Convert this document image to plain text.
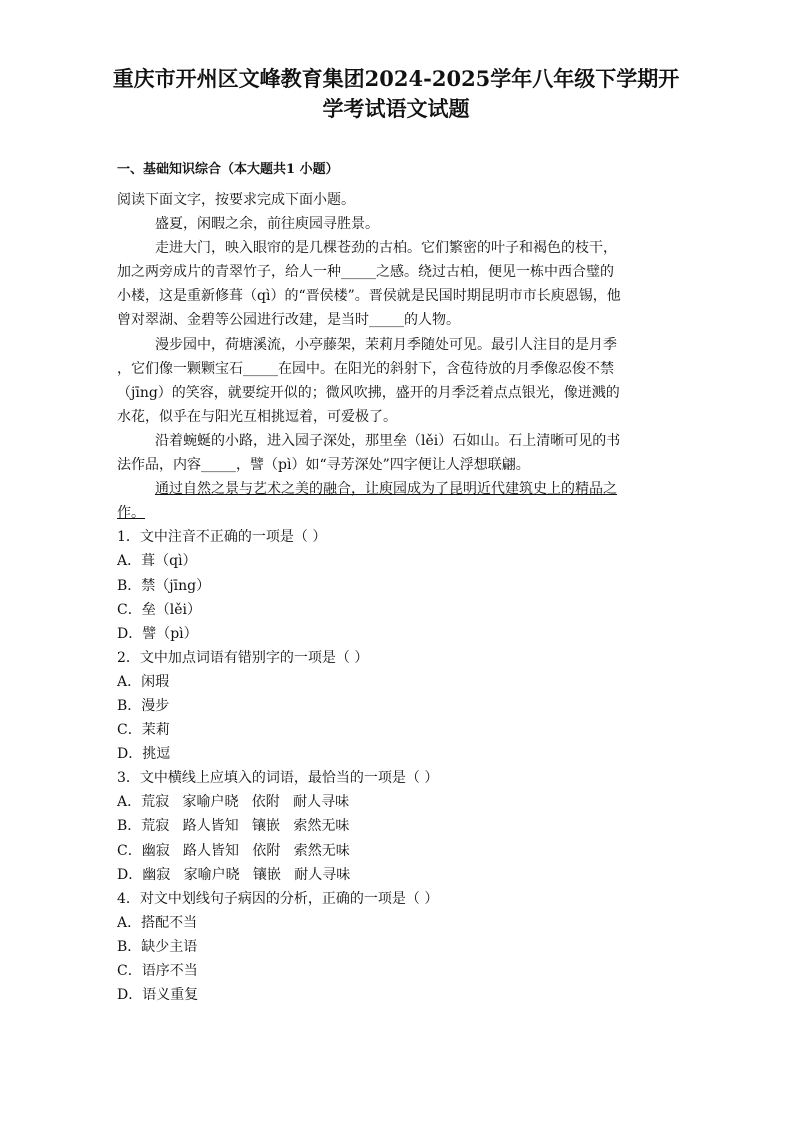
重庆市开州区文峰教育集团2024-2025学年八年级下学期开
学考试语文试题
一、基础知识综合（本大题共1 小题）
阅读下面文字，按要求完成下面小题。
盛夏，闲暇之余，前往庾园寻胜景。
走进大门，映入眼帘的是几棵苍劲的古柏。它们繁密的叶子和褐色的枝干，
加之两旁成片的青翠竹子，给人一种_____之感。绕过古柏，便见一栋中西合璧的
小楼，这是重新修葺（qì）的“晋侯楼”。晋侯就是民国时期昆明市市长庾恩锡，他
曾对翠湖、金碧等公园进行改建，是当时_____的人物。
漫步园中，荷塘溪流，小亭藤架，茉莉月季随处可见。最引人注目的是月季
，它们像一颗颗宝石_____在园中。在阳光的斜射下，含苞待放的月季像忍俊不禁
（jīng）的笑容，就要绽开似的；微风吹拂，盛开的月季泛着点点银光，像迸溅的
水花，似乎在与阳光互相挑逗着，可爱极了。
沿着蜿蜒的小路，进入园子深处，那里垒（lěi）石如山。石上清晰可见的书
法作品，内容_____，譬（pì）如“寻芳深处”四字便让人浮想联翩。
通过自然之景与艺术之美的融合，让庾园成为了昆明近代建筑史上的精品之
作。
1．文中注音不正确的一项是（ ）
A．葺（qì）
B．禁（jīng）
C．垒（lěi）
D．譬（pì）
2．文中加点词语有错别字的一项是（ ）
A．闲瑕
B．漫步
C．茉莉
D．挑逗
3．文中横线上应填入的词语，最恰当的一项是（ ）
A．荒寂   家喻户晓   依附   耐人寻味
B．荒寂   路人皆知   镶嵌   索然无味
C．幽寂   路人皆知   依附   索然无味
D．幽寂   家喻户晓   镶嵌   耐人寻味
4．对文中划线句子病因的分析，正确的一项是（ ）
A．搭配不当
B．缺少主语
C．语序不当
D．语义重复
